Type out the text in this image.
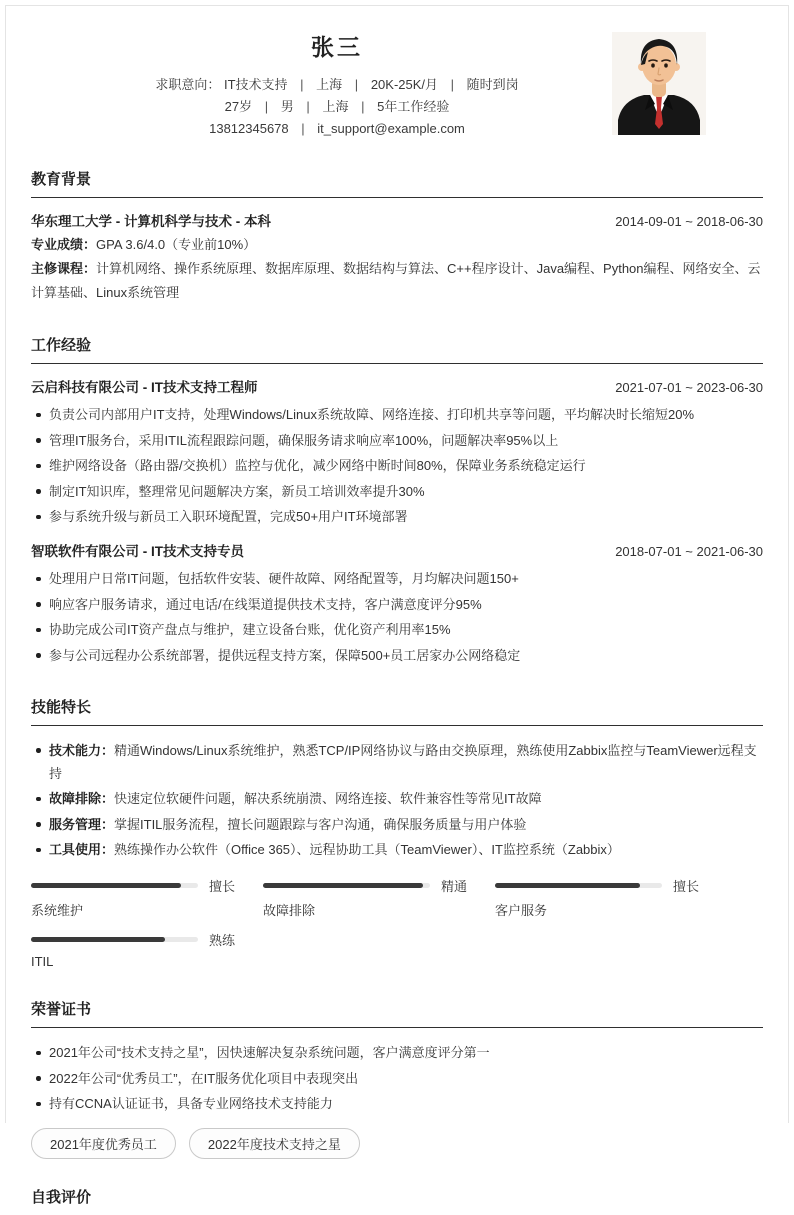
张三
求职意向： IT技术支持 | 上海 | 20K-25K/月 | 随时到岗
27岁 | 男 | 上海 | 5年工作经验
13812345678 | it_support@example.com
教育背景
华东理工大学 - 计算机科学与技术 - 本科	2014-09-01 ~ 2018-06-30
专业成绩：GPA 3.6/4.0（专业前10%）
主修课程：计算机网络、操作系统原理、数据库原理、数据结构与算法、C++程序设计、Java编程、Python编程、网络安全、云计算基础、Linux系统管理
工作经验
云启科技有限公司 - IT技术支持工程师	2021-07-01 ~ 2023-06-30
负责公司内部用户IT支持，处理Windows/Linux系统故障、网络连接、打印机共享等问题，平均解决时长缩短20%
管理IT服务台，采用ITIL流程跟踪问题，确保服务请求响应率100%，问题解决率95%以上
维护网络设备（路由器/交换机）监控与优化，减少网络中断时间80%，保障业务系统稳定运行
制定IT知识库，整理常见问题解决方案，新员工培训效率提升30%
参与系统升级与新员工入职环境配置，完成50+用户IT环境部署
智联软件有限公司 - IT技术支持专员	2018-07-01 ~ 2021-06-30
处理用户日常IT问题，包括软件安装、硬件故障、网络配置等，月均解决问题150+
响应客户服务请求，通过电话/在线渠道提供技术支持，客户满意度评分95%
协助完成公司IT资产盘点与维护，建立设备台账，优化资产利用率15%
参与公司远程办公系统部署，提供远程支持方案，保障500+员工居家办公网络稳定
技能特长
技术能力：精通Windows/Linux系统维护，熟悉TCP/IP网络协议与路由交换原理，熟练使用Zabbix监控与TeamViewer远程支持
故障排除：快速定位软硬件问题，解决系统崩溃、网络连接、软件兼容性等常见IT故障
服务管理：掌握ITIL服务流程，擅长问题跟踪与客户沟通，确保服务质量与用户体验
工具使用：熟练操作办公软件（Office 365）、远程协助工具（TeamViewer）、IT监控系统（Zabbix）
擅长
系统维护
精通
故障排除
擅长
客户服务
熟练
ITIL
荣誉证书
2021年公司“技术支持之星”，因快速解决复杂系统问题，客户满意度评分第一
2022年公司“优秀员工”，在IT服务优化项目中表现突出
持有CCNA认证证书，具备专业网络技术支持能力
2021年度优秀员工	2022年度技术支持之星
自我评价
